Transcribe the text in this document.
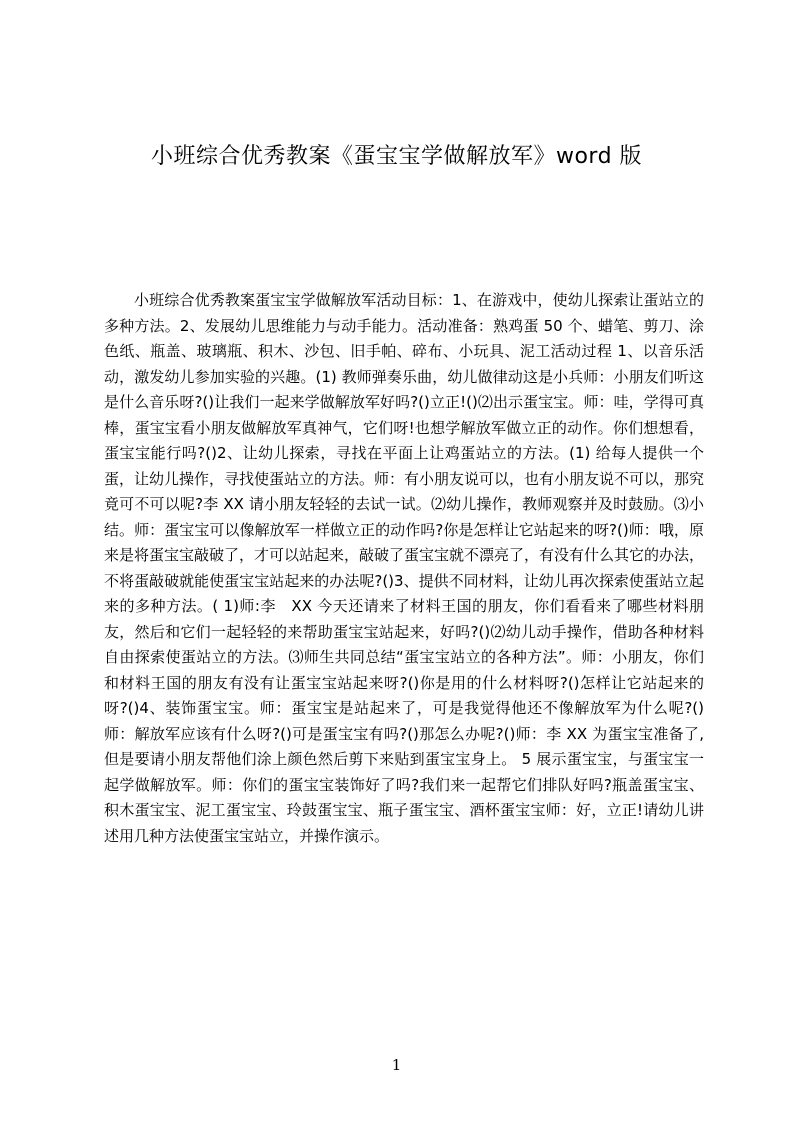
小班综合优秀教案《蛋宝宝学做解放军》word 版

小班综合优秀教案蛋宝宝学做解放军活动目标：1、在游戏中，使幼儿探索让蛋站立的多种方法。2、发展幼儿思维能力与动手能力。活动准备：熟鸡蛋 50 个、蜡笔、剪刀、涂色纸、瓶盖、玻璃瓶、积木、沙包、旧手帕、碎布、小玩具、泥工活动过程 1、以音乐活动，激发幼儿参加实验的兴趣。(1) 教师弹奏乐曲，幼儿做律动这是小兵师：小朋友们听这是什么音乐呀?()让我们一起来学做解放军好吗?()立正!()⑵出示蛋宝宝。师：哇，学得可真棒，蛋宝宝看小朋友做解放军真神气，它们呀!也想学解放军做立正的动作。你们想想看，蛋宝宝能行吗?()2、让幼儿探索，寻找在平面上让鸡蛋站立的方法。(1) 给每人提供一个蛋，让幼儿操作，寻找使蛋站立的方法。师：有小朋友说可以，也有小朋友说不可以，那究竟可不可以呢?李 XX 请小朋友轻轻的去试一试。⑵幼儿操作，教师观察并及时鼓励。⑶小结。师：蛋宝宝可以像解放军一样做立正的动作吗?你是怎样让它站起来的呀?()师：哦，原来是将蛋宝宝敲破了，才可以站起来，敲破了蛋宝宝就不漂亮了，有没有什么其它的办法，不将蛋敲破就能使蛋宝宝站起来的办法呢?()3、提供不同材料，让幼儿再次探索使蛋站立起来的多种方法。( 1)师:李　XX 今天还请来了材料王国的朋友，你们看看来了哪些材料朋友，然后和它们一起轻轻的来帮助蛋宝宝站起来，好吗?()⑵幼儿动手操作，借助各种材料自由探索使蛋站立的方法。⑶师生共同总结“蛋宝宝站立的各种方法”。师：小朋友，你们和材料王国的朋友有没有让蛋宝宝站起来呀?()你是用的什么材料呀?()怎样让它站起来的呀?()4、装饰蛋宝宝。师：蛋宝宝是站起来了，可是我觉得他还不像解放军为什么呢?()师：解放军应该有什么呀?()可是蛋宝宝有吗?()那怎么办呢?()师：李 XX 为蛋宝宝准备了,但是要请小朋友帮他们涂上颜色然后剪下来贴到蛋宝宝身上。 5 展示蛋宝宝，与蛋宝宝一起学做解放军。师：你们的蛋宝宝装饰好了吗?我们来一起帮它们排队好吗?瓶盖蛋宝宝、积木蛋宝宝、泥工蛋宝宝、玲鼓蛋宝宝、瓶子蛋宝宝、酒杯蛋宝宝师：好，立正!请幼儿讲述用几种方法使蛋宝宝站立，并操作演示。

1
